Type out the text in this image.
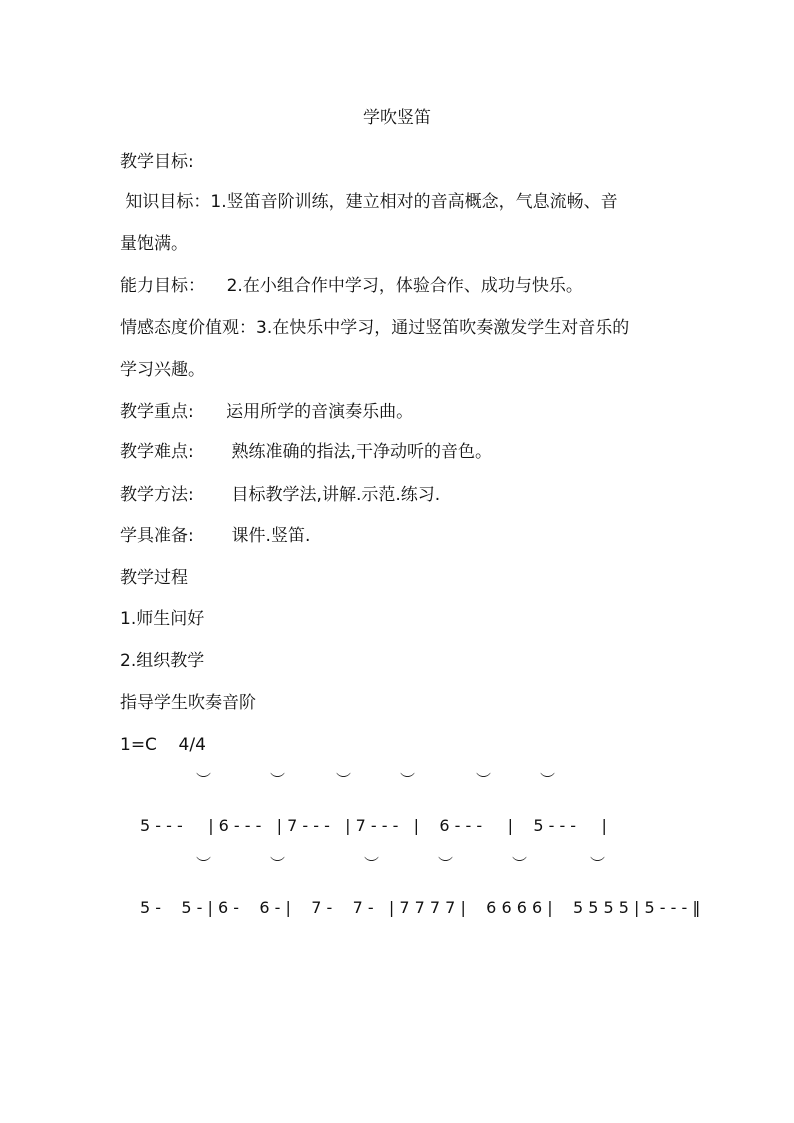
学吹竖笛
教学目标:
知识目标：1.竖笛音阶训练，建立相对的音高概念，气息流畅、音
量饱满。
能力目标：    2.在小组合作中学习，体验合作、成功与快乐。
情感态度价值观：3.在快乐中学习，通过竖笛吹奏激发学生对音乐的
学习兴趣。
教学重点:      运用所学的音演奏乐曲。
教学难点:       熟练准确的指法,干净动听的音色。
教学方法:       目标教学法,讲解.示范.练习.
学具准备:       课件.竖笛.
教学过程
1.师生问好
2.组织教学
指导学生吹奏音阶
1=C    4/4
︶	︶	︶	︶	︶	︶
5 - - -     | 6 - - -   | 7 - - -   | 7 - - -   |    6 - - -     |    5 - - -     |
︶	︶	︶	︶	︶	︶
5 -    5 - | 6 -    6 - |    7 -    7 -   | 7 7 7 7 |    6 6 6 6 |    5 5 5 5 | 5 - - - ‖
